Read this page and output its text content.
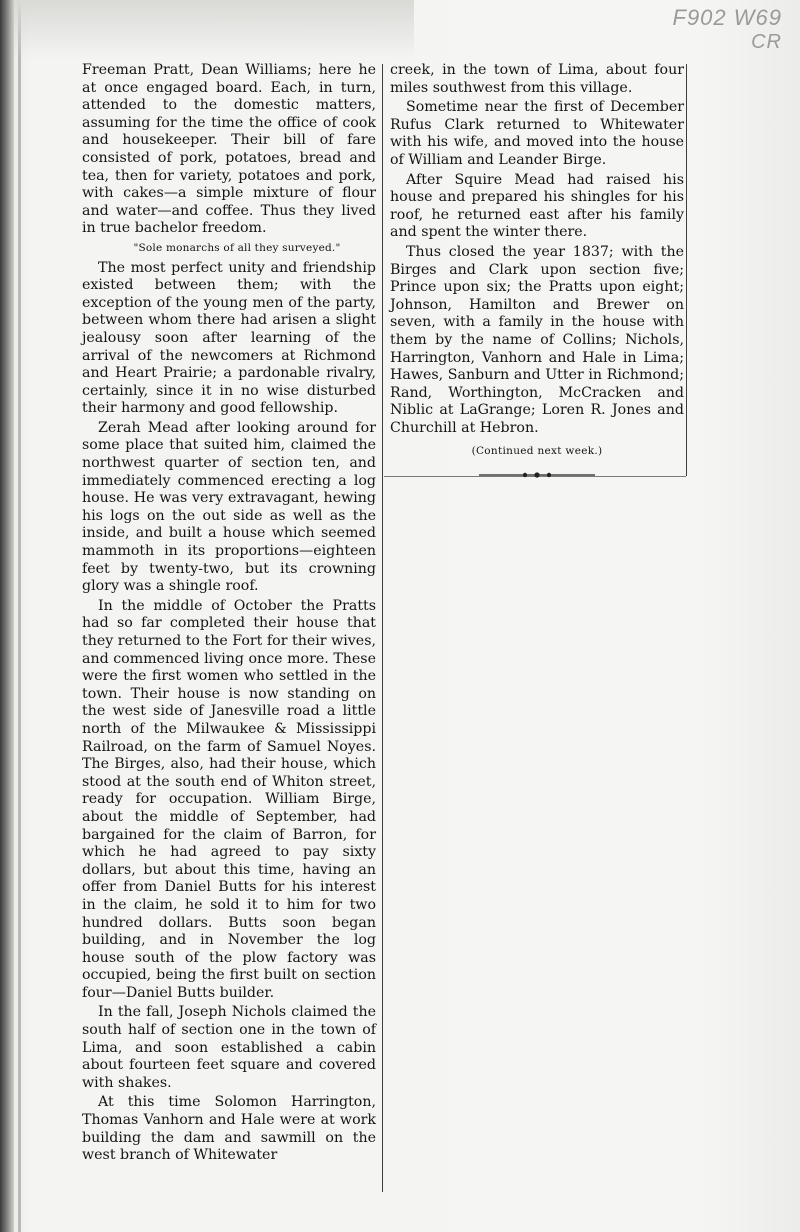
F902 W69
CR

Freeman Pratt, Dean Williams; here he at once engaged board. Each, in turn, attended to the domestic matters, assuming for the time the office of cook and housekeeper. Their bill of fare consisted of pork, potatoes, bread and tea, then for variety, potatoes and pork, with cakes—a simple mixture of flour and water—and coffee. Thus they lived in true bachelor freedom.

"Sole monarchs of all they surveyed."

The most perfect unity and friendship existed between them; with the exception of the young men of the party, between whom there had arisen a slight jealousy soon after learning of the arrival of the newcomers at Richmond and Heart Prairie; a pardonable rivalry, certainly, since it in no wise disturbed their harmony and good fellowship.

Zerah Mead after looking around for some place that suited him, claimed the northwest quarter of section ten, and immediately commenced erecting a log house. He was very extravagant, hewing his logs on the out side as well as the inside, and built a house which seemed mammoth in its proportions—eighteen feet by twenty-two, but its crowning glory was a shingle roof.

In the middle of October the Pratts had so far completed their house that they returned to the Fort for their wives, and commenced living once more. These were the first women who settled in the town. Their house is now standing on the west side of Janesville road a little north of the Milwaukee & Mississippi Railroad, on the farm of Samuel Noyes. The Birges, also, had their house, which stood at the south end of Whiton street, ready for occupation. William Birge, about the middle of September, had bargained for the claim of Barron, for which he had agreed to pay sixty dollars, but about this time, having an offer from Daniel Butts for his interest in the claim, he sold it to him for two hundred dollars. Butts soon began building, and in November the log house south of the plow factory was occupied, being the first built on section four—Daniel Butts builder.

In the fall, Joseph Nichols claimed the south half of section one in the town of Lima, and soon established a cabin about fourteen feet square and covered with shakes.

At this time Solomon Harrington, Thomas Vanhorn and Hale were at work building the dam and sawmill on the west branch of Whitewater

creek, in the town of Lima, about four miles southwest from this village.

Sometime near the first of December Rufus Clark returned to Whitewater with his wife, and moved into the house of William and Leander Birge.

After Squire Mead had raised his house and prepared his shingles for his roof, he returned east after his family and spent the winter there.

Thus closed the year 1837; with the Birges and Clark upon section five; Prince upon six; the Pratts upon eight; Johnson, Hamilton and Brewer on seven, with a family in the house with them by the name of Collins; Nichols, Harrington, Vanhorn and Hale in Lima; Hawes, Sanburn and Utter in Richmond; Rand, Worthington, McCracken and Niblic at LaGrange; Loren R. Jones and Churchill at Hebron.

(Continued next week.)
